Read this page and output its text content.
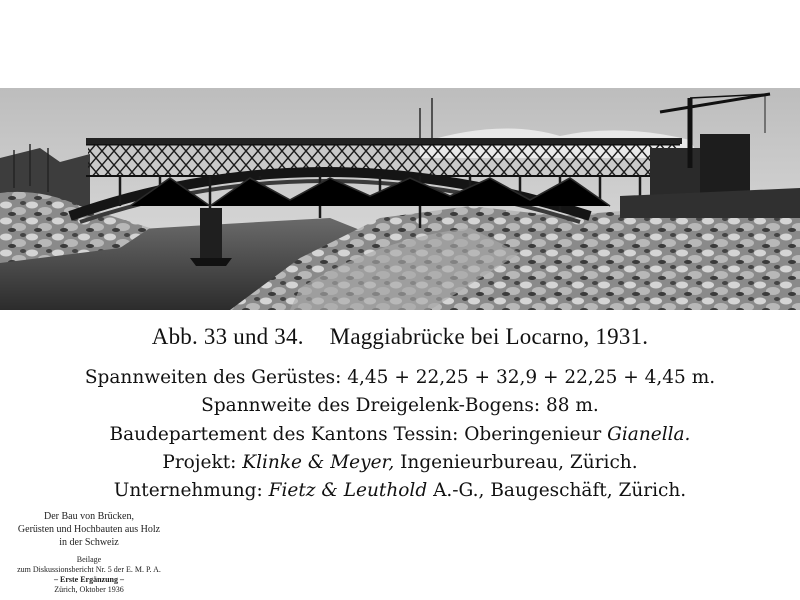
Abb. 33 und 34. Maggiabrücke bei Locarno, 1931.
Spannweiten des Gerüstes: 4,45 + 22,25 + 32,9 + 22,25 + 4,45 m.
Spannweite des Dreigelenk-Bogens: 88 m.
Baudepartement des Kantons Tessin: Oberingenieur Gianella.
Projekt: Klinke & Meyer, Ingenieurbureau, Zürich.
Unternehmung: Fietz & Leuthold A.-G., Baugeschäft, Zürich.
Der Bau von Brücken,
Gerüsten und Hochbauten aus Holz
in der Schweiz
Beilage
zum Diskussionsbericht Nr. 5 der E. M. P. A.
– Erste Ergänzung –
Zürich, Oktober 1936
